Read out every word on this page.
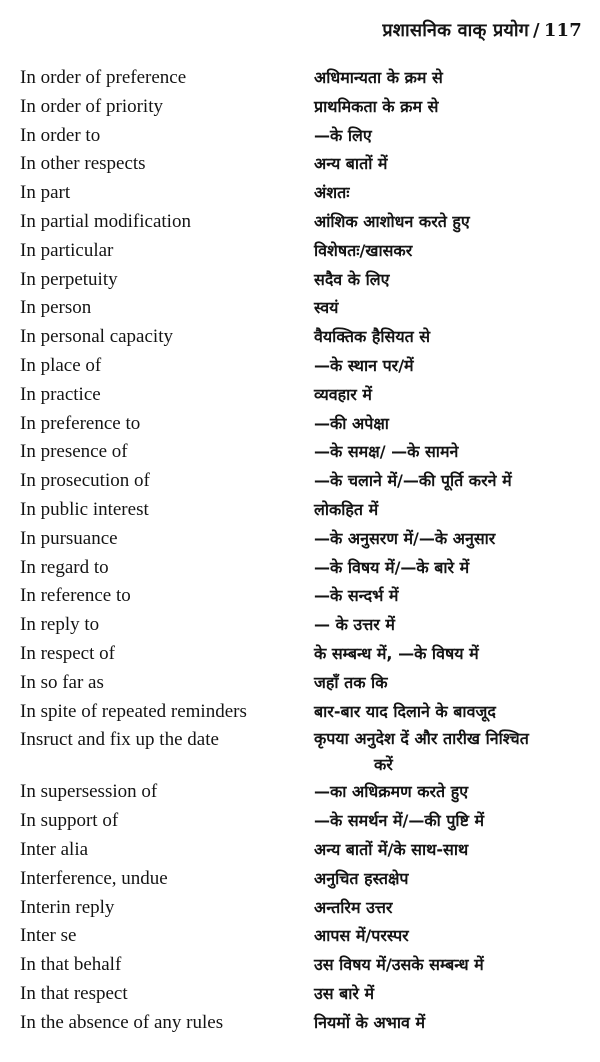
प्रशासनिक वाक् प्रयोग / 117
In order of preference	अधिमान्यता के क्रम से
In order of priority	प्राथमिकता के क्रम से
In order to	—के लिए
In other respects	अन्य बातों में
In part	अंशतः
In partial modification	आंशिक आशोधन करते हुए
In particular	विशेषतः/खासकर
In perpetuity	सदैव के लिए
In person	स्वयं
In personal capacity	वैयक्तिक हैसियत से
In place of	—के स्थान पर/में
In practice	व्यवहार में
In preference to	—की अपेक्षा
In presence of	—के समक्ष/ —के सामने
In prosecution of	—के चलाने में/—की पूर्ति करने में
In public interest	लोकहित में
In pursuance	—के अनुसरण में/—के अनुसार
In regard to	—के विषय में/—के बारे में
In reference to	—के सन्दर्भ में
In reply to	— के उत्तर में
In respect of	के सम्बन्ध में, —के विषय में
In so far as	जहाँ तक कि
In spite of repeated reminders	बार-बार याद दिलाने के बावजूद
Insruct and fix up the date	कृपया अनुदेश दें और तारीख निश्चित
करें
In supersession of	—का अधिक्रमण करते हुए
In support of	—के समर्थन में/—की पुष्टि में
Inter alia	अन्य बातों में/के साथ-साथ
Interference, undue	अनुचित हस्तक्षेप
Interin reply	अन्तरिम उत्तर
Inter se	आपस में/परस्पर
In that behalf	उस विषय में/उसके सम्बन्ध में
In that respect	उस बारे में
In the absence of any rules	नियमों के अभाव में
